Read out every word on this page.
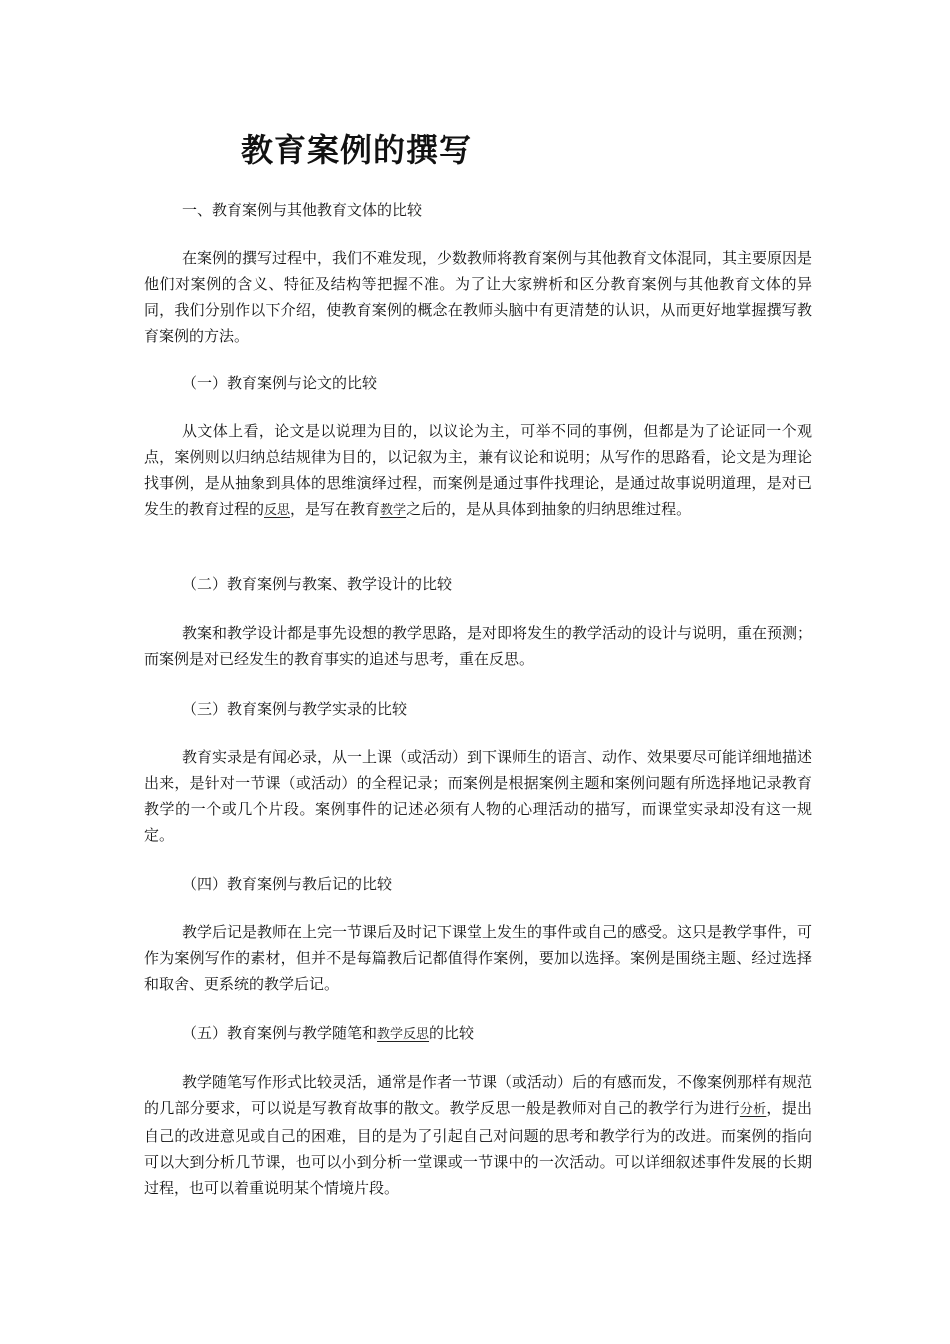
教育案例的撰写

一、教育案例与其他教育文体的比较

在案例的撰写过程中，我们不难发现，少数教师将教育案例与其他教育文体混同，其主要原因是他们对案例的含义、特征及结构等把握不准。为了让大家辨析和区分教育案例与其他教育文体的异同，我们分别作以下介绍，使教育案例的概念在教师头脑中有更清楚的认识，从而更好地掌握撰写教育案例的方法。

（一）教育案例与论文的比较

从文体上看，论文是以说理为目的，以议论为主，可举不同的事例，但都是为了论证同一个观点，案例则以归纳总结规律为目的，以记叙为主，兼有议论和说明；从写作的思路看，论文是为理论找事例，是从抽象到具体的思维演绎过程，而案例是通过事件找理论，是通过故事说明道理，是对已发生的教育过程的反思，是写在教育教学之后的，是从具体到抽象的归纳思维过程。

（二）教育案例与教案、教学设计的比较

教案和教学设计都是事先设想的教学思路，是对即将发生的教学活动的设计与说明，重在预测；而案例是对已经发生的教育事实的追述与思考，重在反思。

（三）教育案例与教学实录的比较

教育实录是有闻必录，从一上课（或活动）到下课师生的语言、动作、效果要尽可能详细地描述出来，是针对一节课（或活动）的全程记录；而案例是根据案例主题和案例问题有所选择地记录教育教学的一个或几个片段。案例事件的记述必须有人物的心理活动的描写，而课堂实录却没有这一规定。

（四）教育案例与教后记的比较

教学后记是教师在上完一节课后及时记下课堂上发生的事件或自己的感受。这只是教学事件，可作为案例写作的素材，但并不是每篇教后记都值得作案例，要加以选择。案例是围绕主题、经过选择和取舍、更系统的教学后记。

（五）教育案例与教学随笔和教学反思的比较

教学随笔写作形式比较灵活，通常是作者一节课（或活动）后的有感而发，不像案例那样有规范的几部分要求，可以说是写教育故事的散文。教学反思一般是教师对自己的教学行为进行分析，提出自己的改进意见或自己的困难，目的是为了引起自己对问题的思考和教学行为的改进。而案例的指向可以大到分析几节课，也可以小到分析一堂课或一节课中的一次活动。可以详细叙述事件发展的长期过程，也可以着重说明某个情境片段。
